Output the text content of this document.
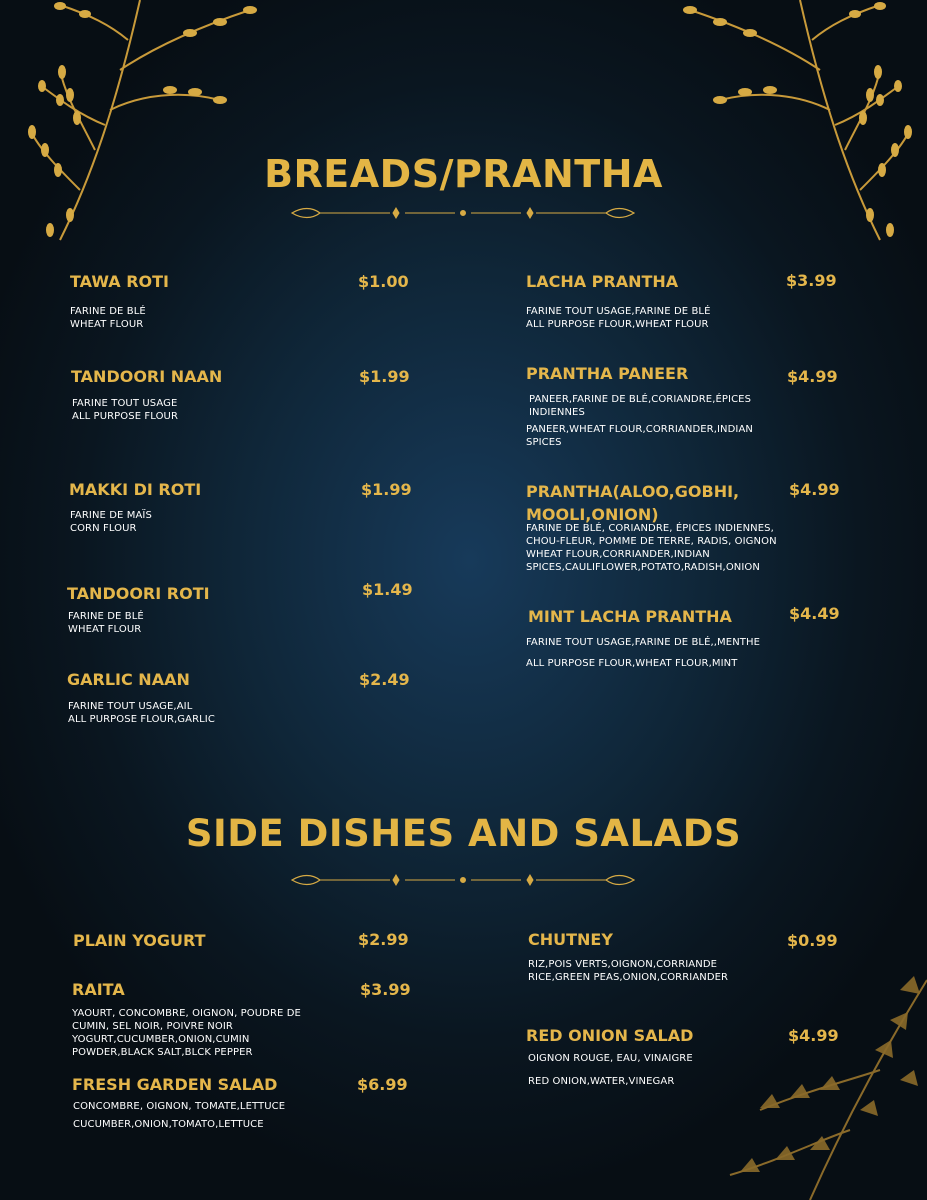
BREADS/PRANTHA
TAWA ROTI	$1.00
FARINE DE BLÉ
WHEAT FLOUR
TANDOORI NAAN	$1.99
FARINE TOUT USAGE
ALL PURPOSE FLOUR
MAKKI DI ROTI	$1.99
FARINE DE MAÏS
CORN FLOUR
TANDOORI ROTI	$1.49
FARINE DE BLÉ
WHEAT FLOUR
GARLIC NAAN	$2.49
FARINE TOUT USAGE,AIL
ALL PURPOSE FLOUR,GARLIC
LACHA PRANTHA	$3.99
FARINE TOUT USAGE,FARINE DE BLÉ
ALL PURPOSE FLOUR,WHEAT FLOUR
PRANTHA PANEER	$4.99
PANEER,FARINE DE BLÉ,CORIANDRE,ÉPICES INDIENNES
PANEER,WHEAT FLOUR,CORRIANDER,INDIAN SPICES
PRANTHA(ALOO,GOBHI, MOOLI,ONION)
$4.99
FARINE DE BLÉ, CORIANDRE, ÉPICES INDIENNES, CHOU-FLEUR, POMME DE TERRE, RADIS, OIGNON WHEAT FLOUR,CORRIANDER,INDIAN SPICES,CAULIFLOWER,POTATO,RADISH,ONION
MINT LACHA PRANTHA	$4.49
FARINE TOUT USAGE,FARINE DE BLÉ,,MENTHE
ALL PURPOSE FLOUR,WHEAT FLOUR,MINT
SIDE DISHES AND SALADS
PLAIN YOGURT	$2.99
RAITA	$3.99
YAOURT, CONCOMBRE, OIGNON, POUDRE DE CUMIN, SEL NOIR, POIVRE NOIR YOGURT,CUCUMBER,ONION,CUMIN POWDER,BLACK SALT,BLCK PEPPER
FRESH GARDEN SALAD	$6.99
CONCOMBRE, OIGNON, TOMATE,LETTUCE
CUCUMBER,ONION,TOMATO,LETTUCE
CHUTNEY	$0.99
RIZ,POIS VERTS,OIGNON,CORRIANDE
RICE,GREEN PEAS,ONION,CORRIANDER
RED ONION SALAD	$4.99
OIGNON ROUGE, EAU, VINAIGRE
RED ONION,WATER,VINEGAR
